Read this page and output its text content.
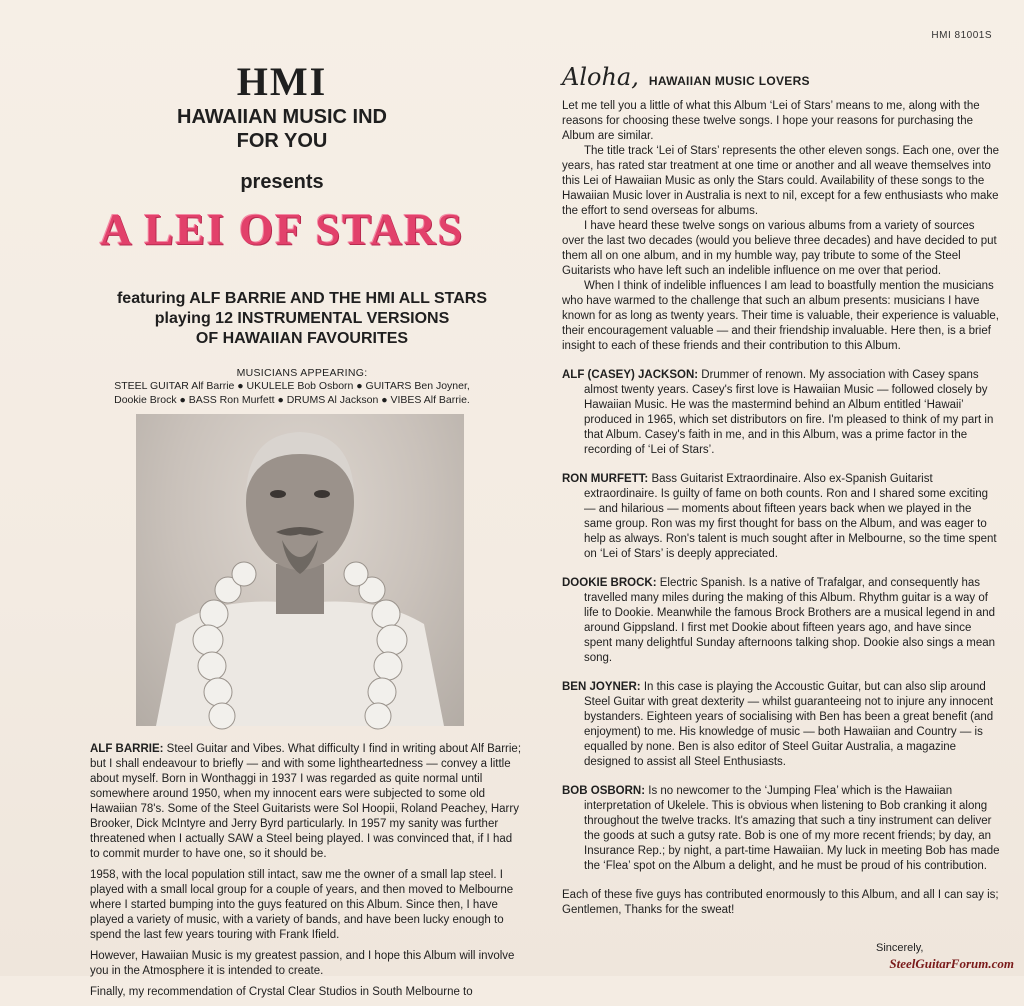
HMI 81001S
HMI
HAWAIIAN MUSIC IND
FOR YOU
presents
A LEI OF STARS
featuring ALF BARRIE AND THE HMI ALL STARS
playing 12 INSTRUMENTAL VERSIONS
OF HAWAIIAN FAVOURITES
MUSICIANS APPEARING:
STEEL GUITAR Alf Barrie ● UKULELE Bob Osborn ● GUITARS Ben Joyner,
Dookie Brock ● BASS Ron Murfett ● DRUMS Al Jackson ● VIBES Alf Barrie.

ALF BARRIE: Steel Guitar and Vibes. What difficulty I find in writing about Alf Barrie; but I shall endeavour to briefly — and with some lightheartedness — convey a little about myself. Born in Wonthaggi in 1937 I was regarded as quite normal until somewhere around 1950, when my innocent ears were subjected to some old Hawaiian 78's. Some of the Steel Guitarists were Sol Hoopii, Roland Peachey, Harry Brooker, Dick McIntyre and Jerry Byrd particularly. In 1957 my sanity was further threatened when I actually SAW a Steel being played. I was convinced that, if I had to commit murder to have one, so it should be.

1958, with the local population still intact, saw me the owner of a small lap steel. I played with a small local group for a couple of years, and then moved to Melbourne where I started bumping into the guys featured on this Album. Since then, I have played a variety of music, with a variety of bands, and have been lucky enough to spend the last few years touring with Frank Ifield.

However, Hawaiian Music is my greatest passion, and I hope this Album will involve you in the Atmosphere it is intended to create.

Finally, my recommendation of Crystal Clear Studios in South Melbourne to

Aloha, HAWAIIAN MUSIC LOVERS

Let me tell you a little of what this Album ‘Lei of Stars’ means to me, along with the reasons for choosing these twelve songs. I hope your reasons for purchasing the Album are similar.

The title track ‘Lei of Stars’ represents the other eleven songs. Each one, over the years, has rated star treatment at one time or another and all weave themselves into this Lei of Hawaiian Music as only the Stars could. Availability of these songs to the Hawaiian Music lover in Australia is next to nil, except for a few enthusiasts who make the effort to send overseas for albums.

I have heard these twelve songs on various albums from a variety of sources over the last two decades (would you believe three decades) and have decided to put them all on one album, and in my humble way, pay tribute to some of the Steel Guitarists who have left such an indelible influence on me over that period.

When I think of indelible influences I am lead to boastfully mention the musicians who have warmed to the challenge that such an album presents: musicians I have known for as long as twenty years. Their time is valuable, their experience is valuable, their encouragement valuable — and their friendship invaluable. Here then, is a brief insight to each of these friends and their contribution to this Album.

ALF (CASEY) JACKSON: Drummer of renown. My association with Casey spans almost twenty years. Casey's first love is Hawaiian Music — followed closely by Hawaiian Music. He was the mastermind behind an Album entitled ‘Hawaii’ produced in 1965, which set distributors on fire. I'm pleased to think of my part in that Album. Casey's faith in me, and in this Album, was a prime factor in the recording of ‘Lei of Stars’.

RON MURFETT: Bass Guitarist Extraordinaire. Also ex-Spanish Guitarist extraordinaire. Is guilty of fame on both counts. Ron and I shared some exciting — and hilarious — moments about fifteen years back when we played in the same group. Ron was my first thought for bass on the Album, and was eager to help as always. Ron's talent is much sought after in Melbourne, so the time spent on ‘Lei of Stars’ is deeply appreciated.

DOOKIE BROCK: Electric Spanish. Is a native of Trafalgar, and consequently has travelled many miles during the making of this Album. Rhythm guitar is a way of life to Dookie. Meanwhile the famous Brock Brothers are a musical legend in and around Gippsland. I first met Dookie about fifteen years ago, and have since spent many delightful Sunday afternoons talking shop. Dookie also sings a mean song.

BEN JOYNER: In this case is playing the Accoustic Guitar, but can also slip around Steel Guitar with great dexterity — whilst guaranteeing not to injure any innocent bystanders. Eighteen years of socialising with Ben has been a great benefit (and enjoyment) to me. His knowledge of music — both Hawaiian and Country — is equalled by none. Ben is also editor of Steel Guitar Australia, a magazine designed to assist all Steel Enthusiasts.

BOB OSBORN: Is no newcomer to the ‘Jumping Flea’ which is the Hawaiian interpretation of Ukelele. This is obvious when listening to Bob cranking it along throughout the twelve tracks. It's amazing that such a tiny instrument can deliver the goods at such a gutsy rate. Bob is one of my more recent friends; by day, an Insurance Rep.; by night, a part-time Hawaiian. My luck in meeting Bob has made the ‘Flea’ spot on the Album a delight, and he must be proud of his contribution.

Each of these five guys has contributed enormously to this Album, and all I can say is; Gentlemen, Thanks for the sweat!

Sincerely,
SteelGuitarForum.com
